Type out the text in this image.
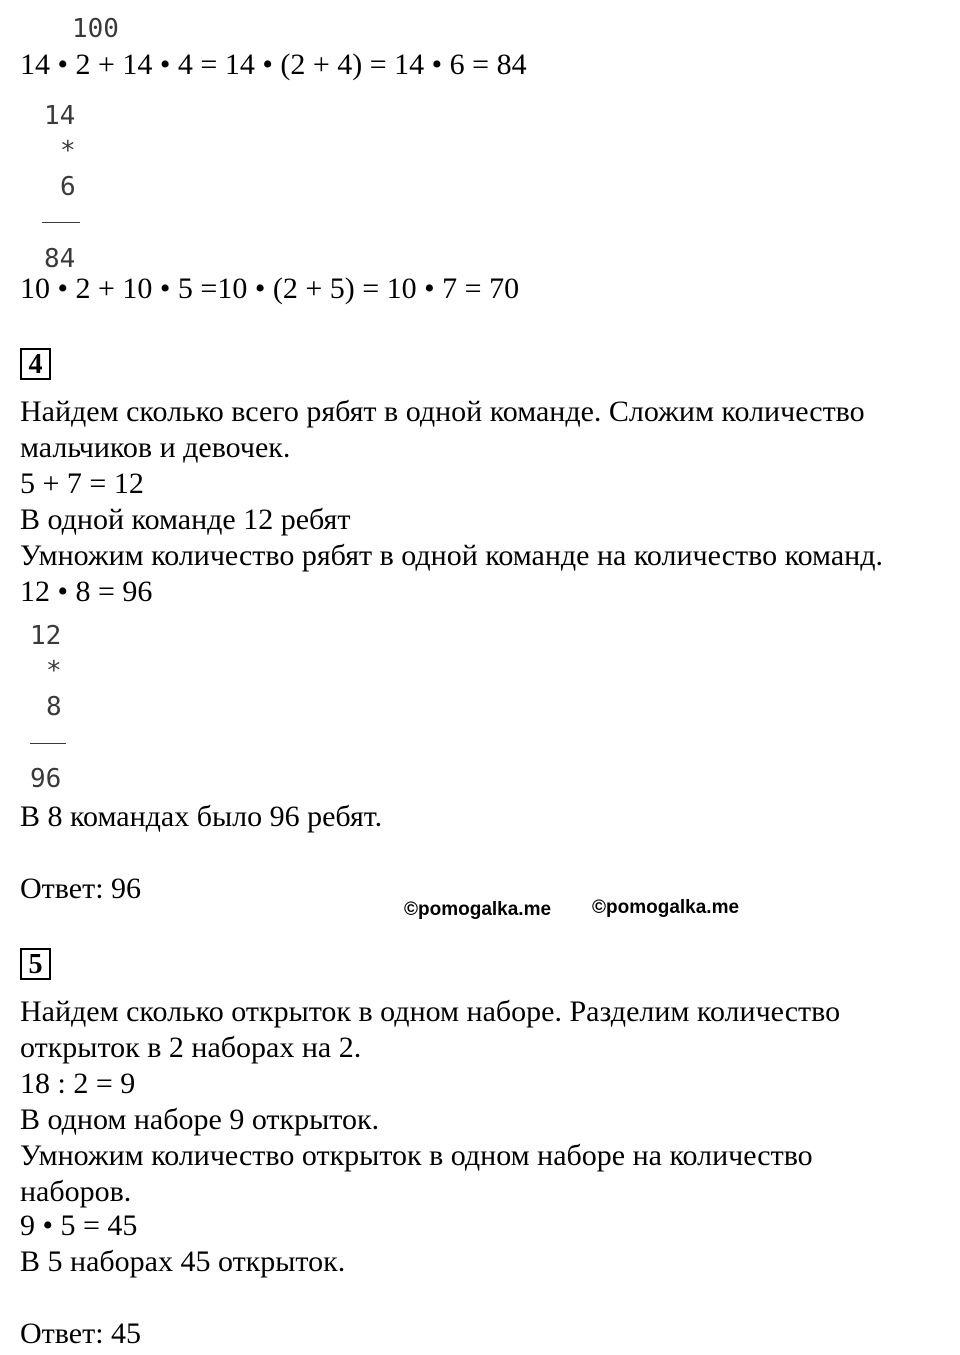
100
14 • 2 + 14 • 4 = 14 • (2 + 4) = 14 • 6 = 84
14
*
6
84
10 • 2 + 10 • 5 =10 • (2 + 5) = 10 • 7 = 70
4
Найдем сколько всего рябят в одной команде. Сложим количество
мальчиков и девочек.
5 + 7 = 12
В одной команде 12 ребят
Умножим количество рябят в одной команде на количество команд.
12 • 8 = 96
12
*
8
96
В 8 командах было 96 ребят.
Ответ: 96
©pomogalka.me ©pomogalka.me
5
Найдем сколько открыток в одном наборе. Разделим количество
открыток в 2 наборах на 2.
18 : 2 = 9
В одном наборе 9 открыток.
Умножим количество открыток в одном наборе на количество
наборов.
9 • 5 = 45
В 5 наборах 45 открыток.
Ответ: 45
